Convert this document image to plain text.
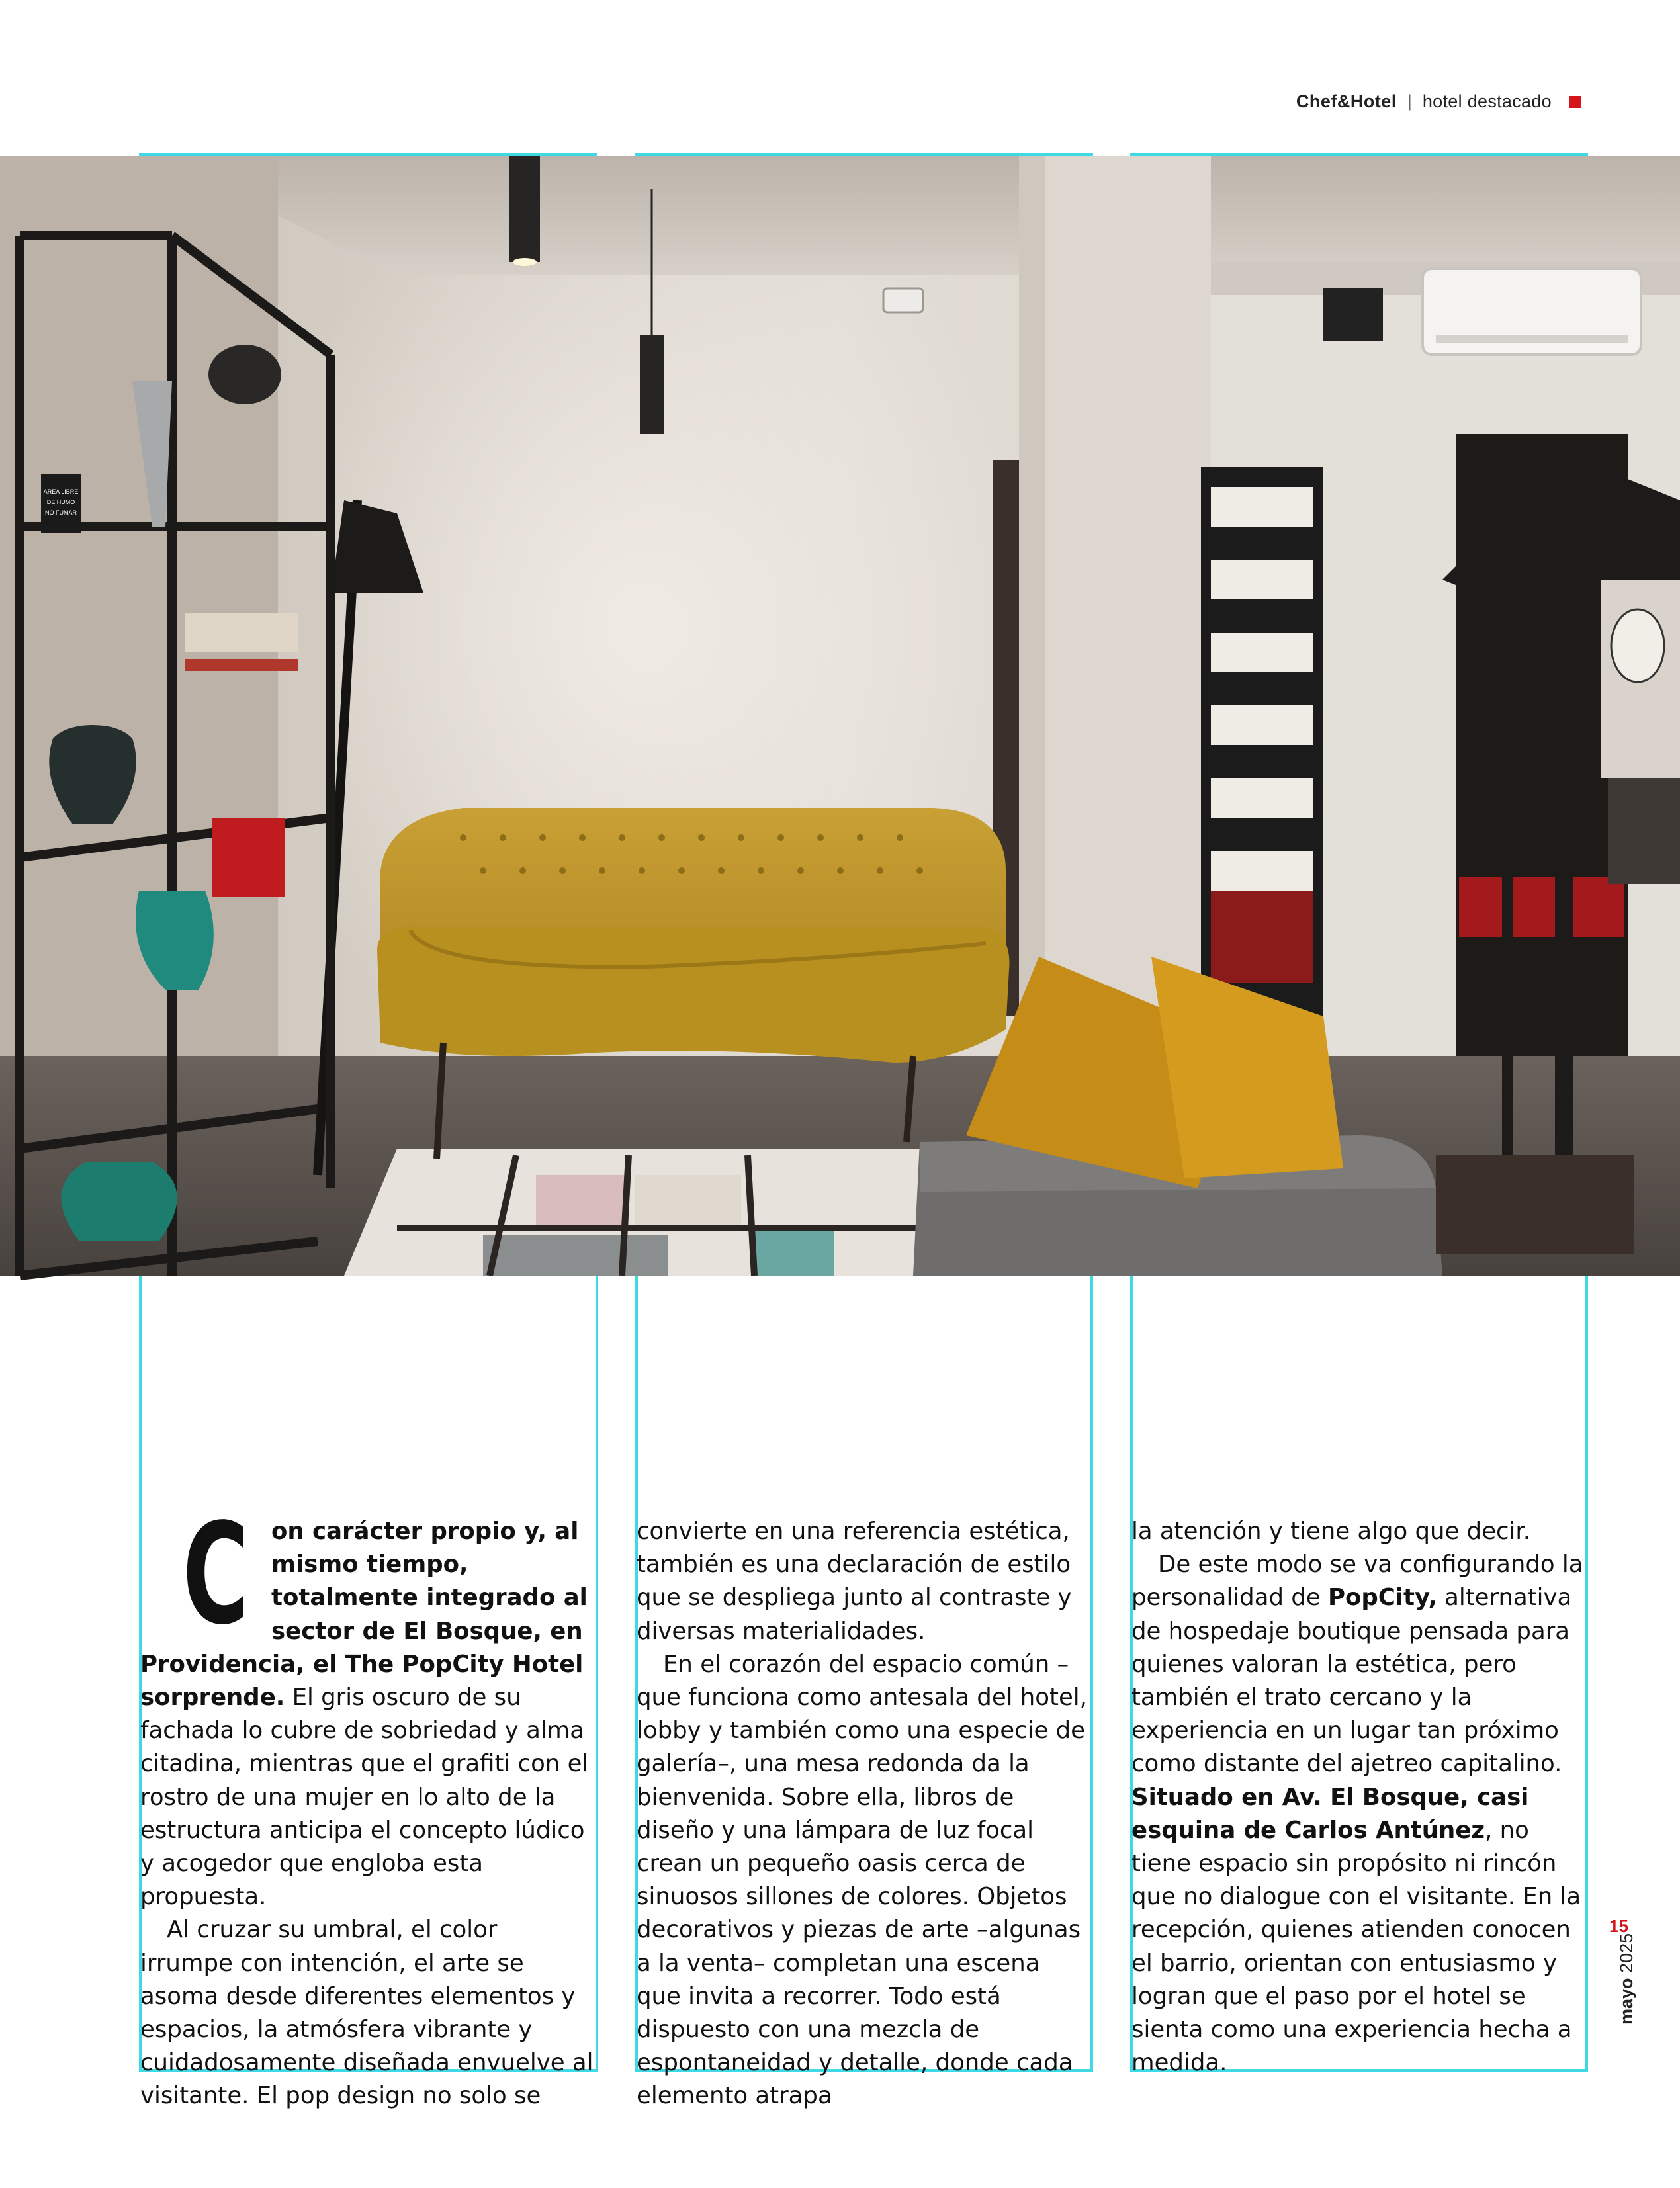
Chef&Hotel | hotel destacado
AREA LIBRE
DE HUMO
NO FUMAR

C on carácter propio y, al mismo tiempo, totalmente integrado al sector de El Bosque, en Providencia, el The PopCity Hotel sorprende. El gris oscuro de su fachada lo cubre de sobriedad y alma citadina, mientras que el grafiti con el rostro de una mujer en lo alto de la estructura anticipa el concepto lúdico y acogedor que engloba esta propuesta.

Al cruzar su umbral, el color irrumpe con intención, el arte se asoma desde diferentes elementos y espacios, la atmósfera vibrante y cuidadosamente diseñada envuelve al visitante. El pop design no solo se

convierte en una referencia estética, también es una declaración de estilo que se despliega junto al contraste y diversas materialidades.

En el corazón del espacio común –que funciona como antesala del hotel, lobby y también como una especie de galería–, una mesa redonda da la bienvenida. Sobre ella, libros de diseño y una lámpara de luz focal crean un pequeño oasis cerca de sinuosos sillones de colores. Objetos decorativos y piezas de arte –algunas a la venta– completan una escena que invita a recorrer. Todo está dispuesto con una mezcla de espontaneidad y detalle, donde cada elemento atrapa

la atención y tiene algo que decir.

De este modo se va configurando la personalidad de PopCity, alternativa de hospedaje boutique pensada para quienes valoran la estética, pero también el trato cercano y la experiencia en un lugar tan próximo como distante del ajetreo capitalino. Situado en Av. El Bosque, casi esquina de Carlos Antúnez, no tiene espacio sin propósito ni rincón que no dialogue con el visitante. En la recepción, quienes atienden conocen el barrio, orientan con entusiasmo y logran que el paso por el hotel se sienta como una experiencia hecha a medida.

15
mayo 2025
